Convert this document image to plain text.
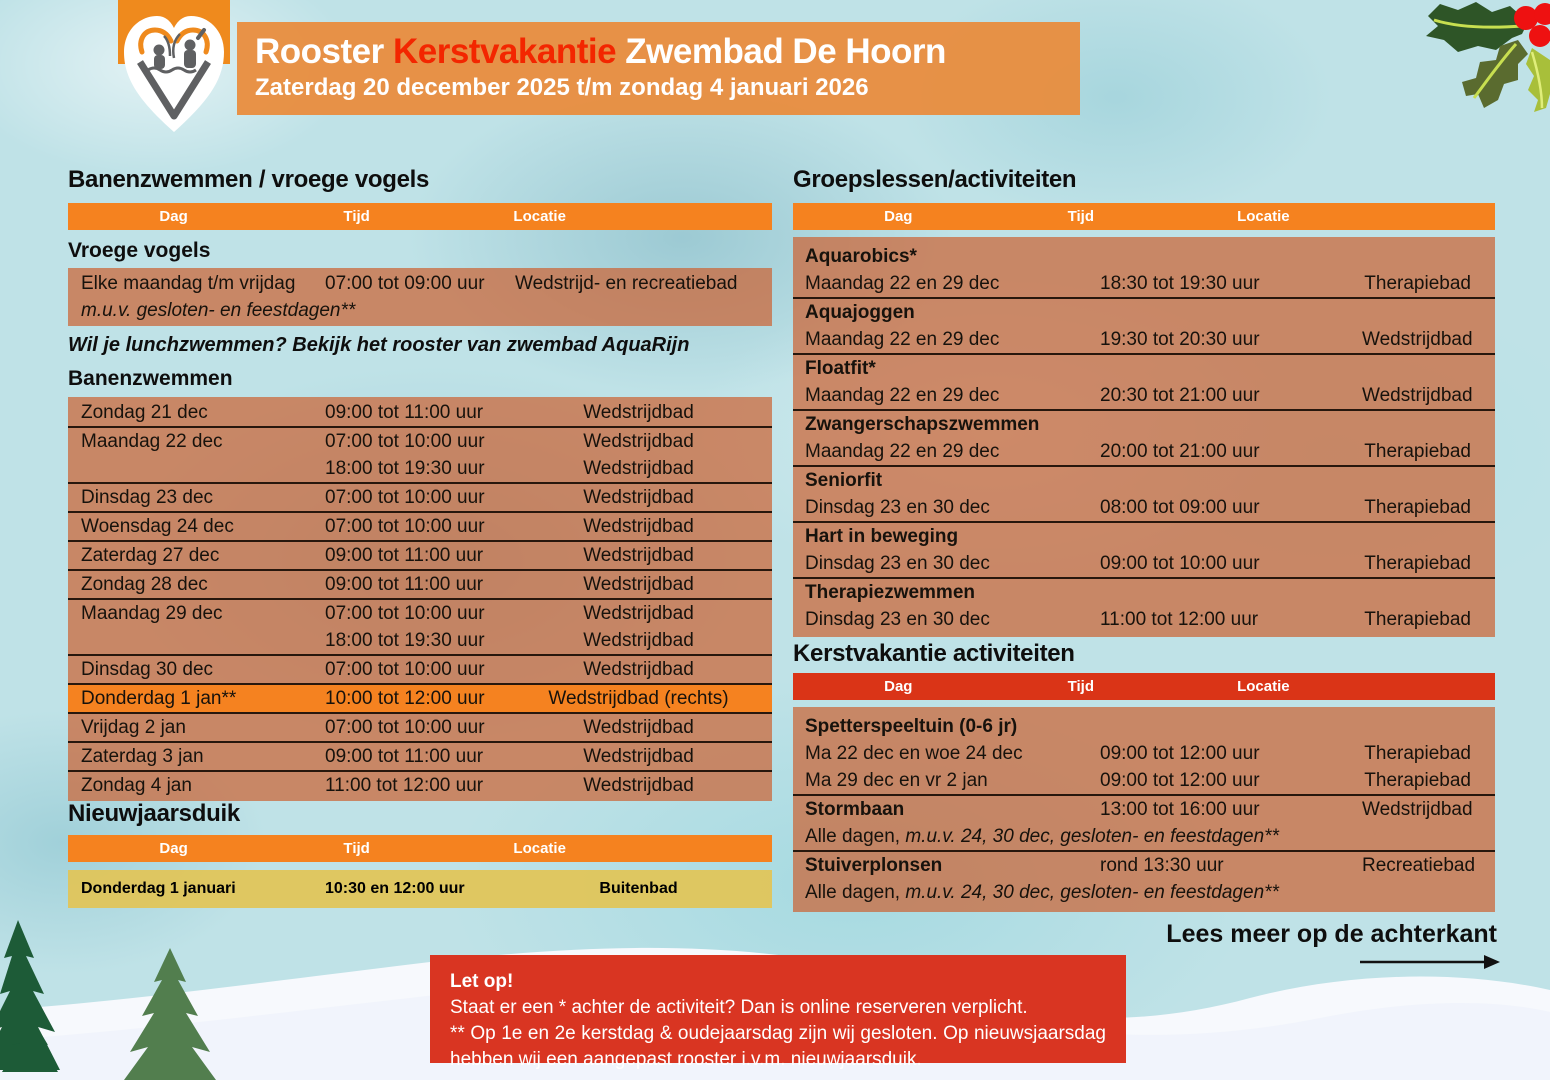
Rooster Kerstvakantie Zwembad De Hoorn
Zaterdag 20 december 2025 t/m zondag 4 januari 2026
Banenzwemmen / vroege vogels
Dag	Tijd	Locatie
Vroege vogels
Elke maandag t/m vrijdag	07:00 tot 09:00 uur	Wedstrijd- en recreatiebad
m.u.v. gesloten- en feestdagen**
Wil je lunchzwemmen? Bekijk het rooster van zwembad AquaRijn
Banenzwemmen
Zondag 21 dec	09:00 tot 11:00 uur	Wedstrijdbad
Maandag 22 dec	07:00 tot 10:00 uur	Wedstrijdbad
18:00 tot 19:30 uur	Wedstrijdbad
Dinsdag 23 dec	07:00 tot 10:00 uur	Wedstrijdbad
Woensdag 24 dec	07:00 tot 10:00 uur	Wedstrijdbad
Zaterdag 27 dec	09:00 tot 11:00 uur	Wedstrijdbad
Zondag 28 dec	09:00 tot 11:00 uur	Wedstrijdbad
Maandag 29 dec	07:00 tot 10:00 uur	Wedstrijdbad
18:00 tot 19:30 uur	Wedstrijdbad
Dinsdag 30 dec	07:00 tot 10:00 uur	Wedstrijdbad
Donderdag 1 jan**	10:00 tot 12:00 uur	Wedstrijdbad (rechts)
Vrijdag 2 jan	07:00 tot 10:00 uur	Wedstrijdbad
Zaterdag 3 jan	09:00 tot 11:00 uur	Wedstrijdbad
Zondag 4 jan	11:00 tot 12:00 uur	Wedstrijdbad
Nieuwjaarsduik
Dag	Tijd	Locatie
Donderdag 1 januari	10:30 en 12:00 uur	Buitenbad
Groepslessen/activiteiten
Dag	Tijd	Locatie
Aquarobics*
Maandag 22 en 29 dec	18:30 tot 19:30 uur	Therapiebad
Aquajoggen
Maandag 22 en 29 dec	19:30 tot 20:30 uur	Wedstrijdbad
Floatfit*
Maandag 22 en 29 dec	20:30 tot 21:00 uur	Wedstrijdbad
Zwangerschapszwemmen
Maandag 22 en 29 dec	20:00 tot 21:00 uur	Therapiebad
Seniorfit
Dinsdag 23 en 30 dec	08:00 tot 09:00 uur	Therapiebad
Hart in beweging
Dinsdag 23 en 30 dec	09:00 tot 10:00 uur	Therapiebad
Therapiezwemmen
Dinsdag 23 en 30 dec	11:00 tot 12:00 uur	Therapiebad
Kerstvakantie activiteiten
Dag	Tijd	Locatie
Spetterspeeltuin (0-6 jr)
Ma 22 dec en woe 24 dec	09:00 tot 12:00 uur	Therapiebad
Ma 29 dec en vr 2 jan	09:00 tot 12:00 uur	Therapiebad
Stormbaan	13:00 tot 16:00 uur	Wedstrijdbad
Alle dagen, m.u.v. 24, 30 dec, gesloten- en feestdagen**
Stuiverplonsen	rond 13:30 uur	Recreatiebad
Alle dagen, m.u.v. 24, 30 dec, gesloten- en feestdagen**
Lees meer op de achterkant
Let op!
Staat er een * achter de activiteit? Dan is online reserveren verplicht.
** Op 1e en 2e kerstdag & oudejaarsdag zijn wij gesloten. Op nieuwsjaarsdag hebben wij een aangepast rooster i.v.m. nieuwjaarsduik.
